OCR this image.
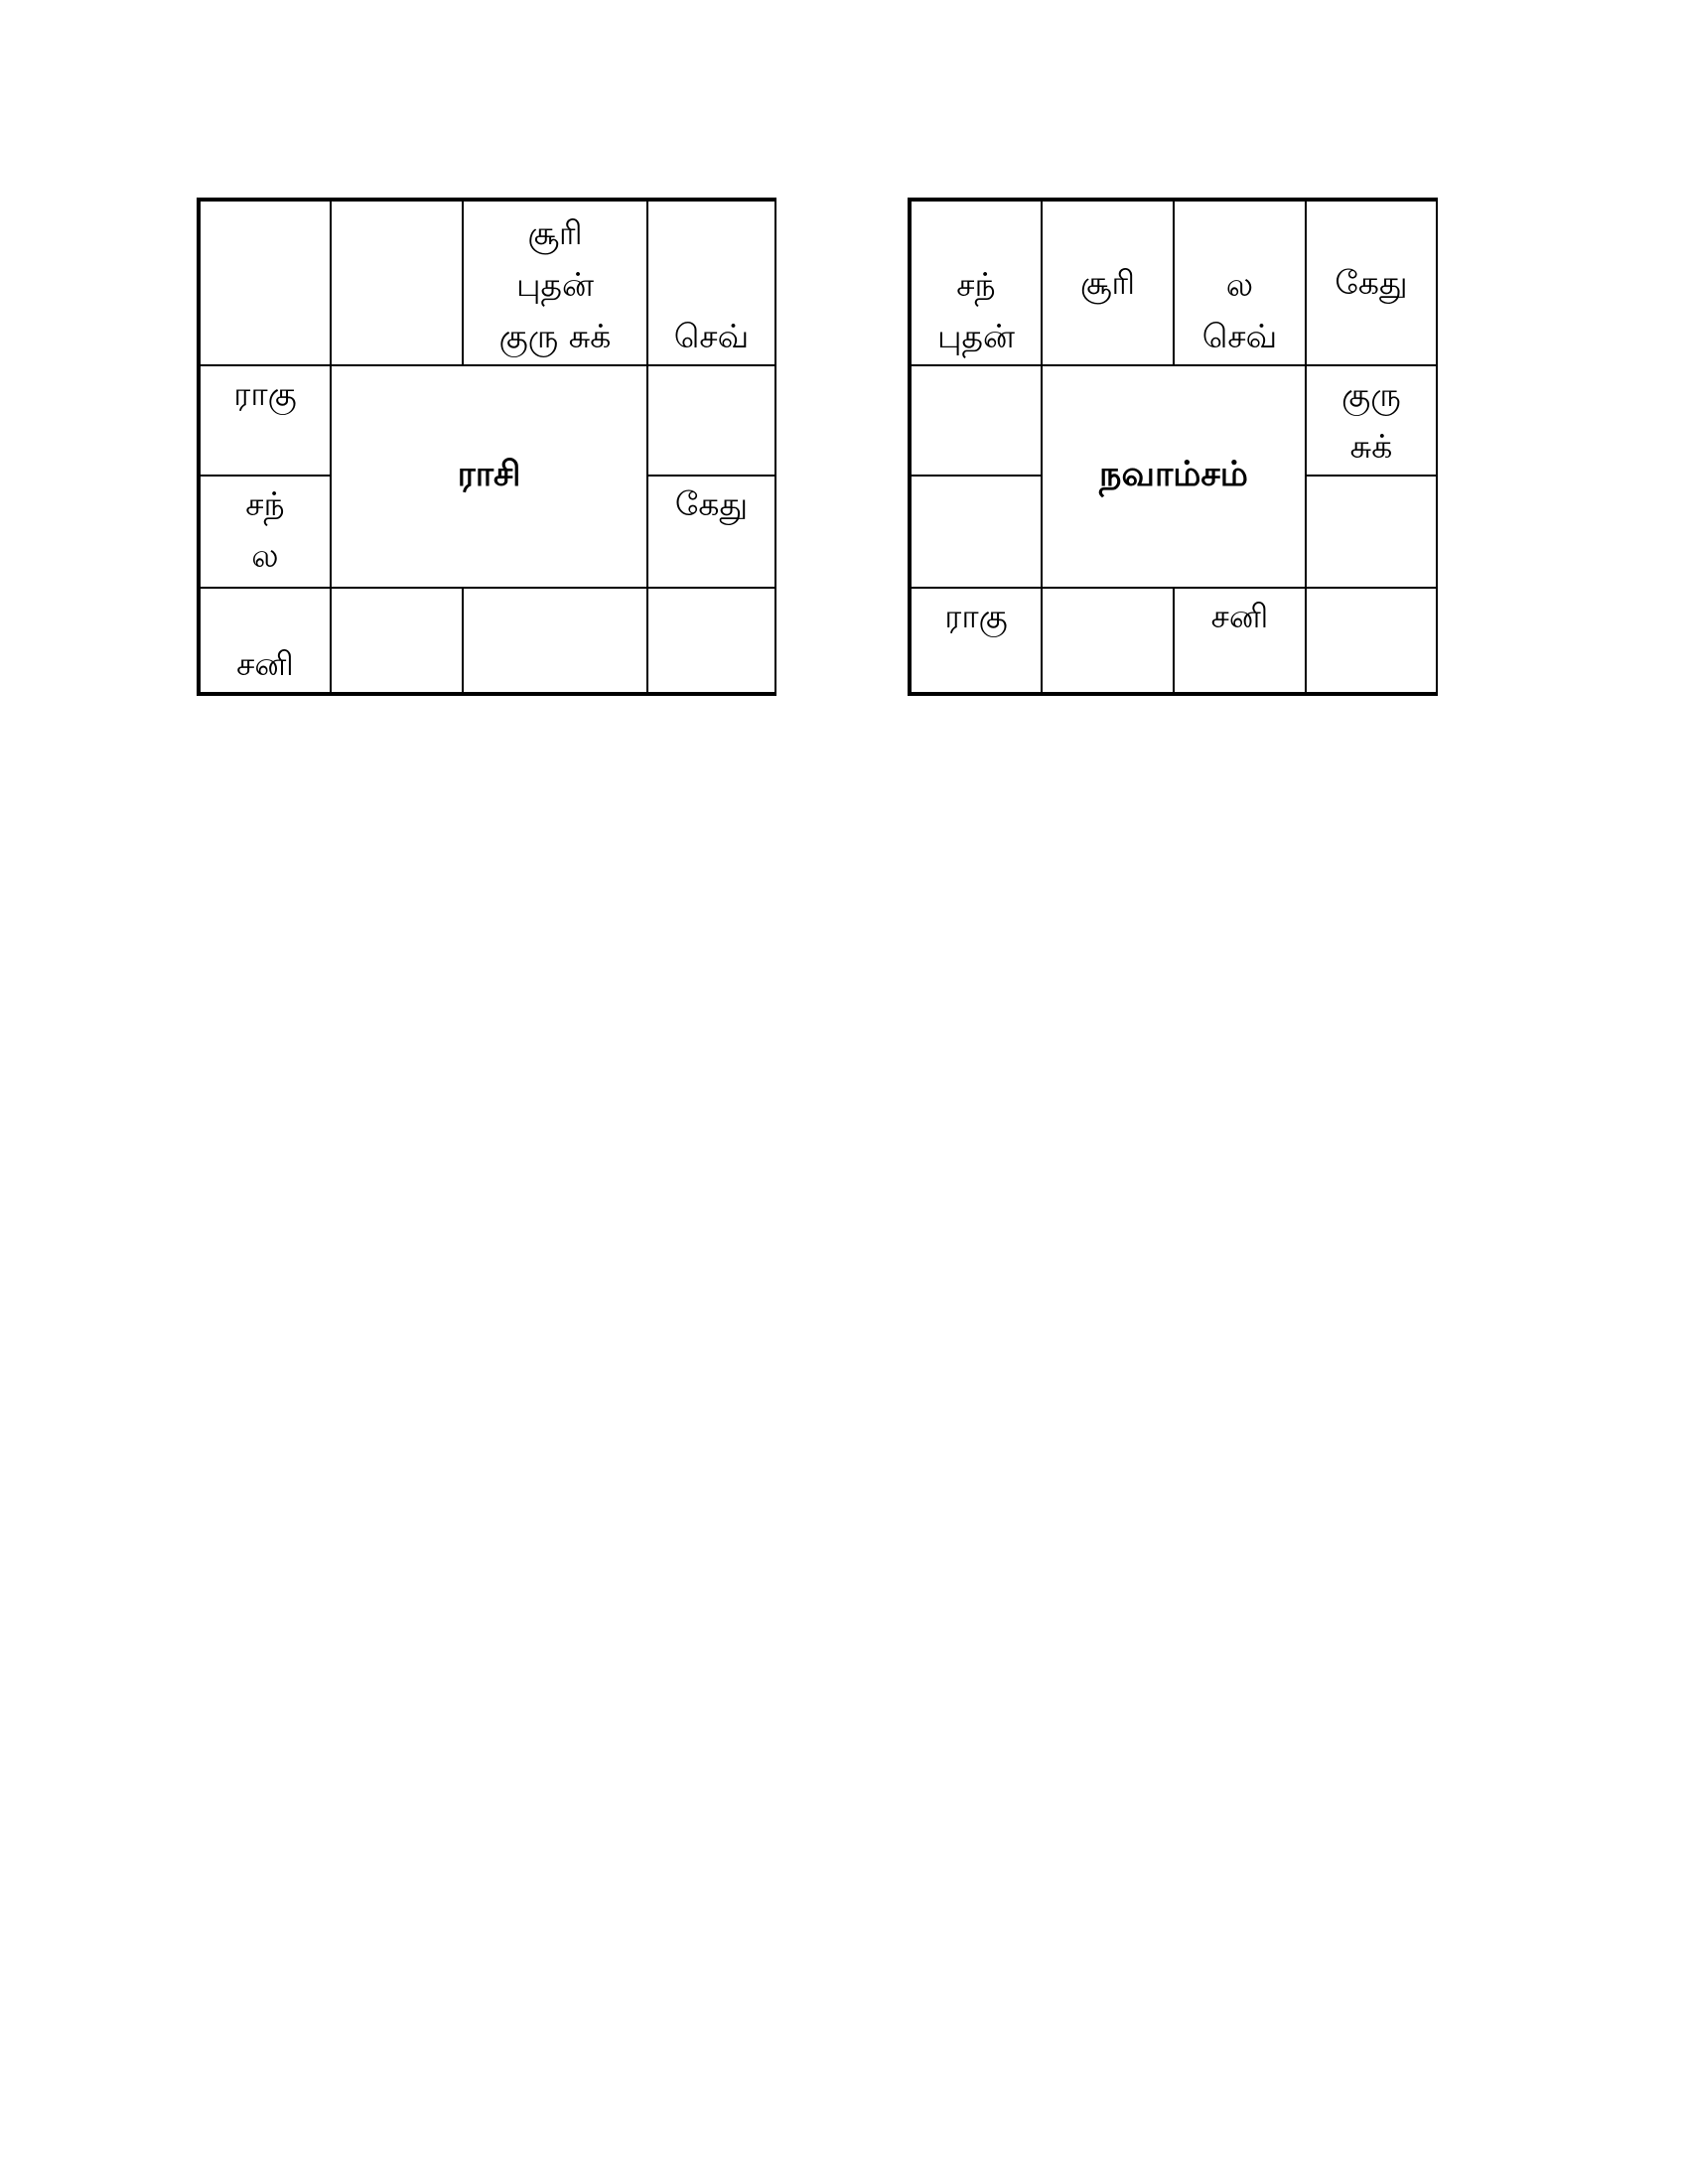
சூரி
புதன்
குரு சுக் செவ்
ராகு
ராசி
சந்
ல
கேது
சனி
சந்
புதன்
சூரி	ல
செவ்
கேது
குரு
சுக்
நவாம்சம்
ராகு	சனி
